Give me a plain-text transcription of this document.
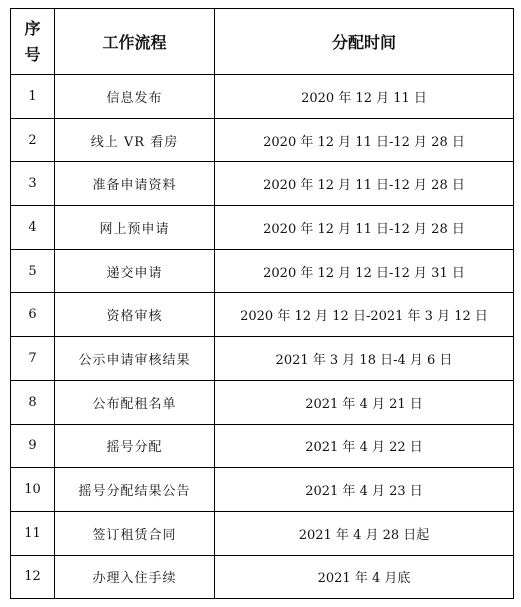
序
号	工作流程	分配时间
1	信息发布	2020 年 12 月 11 日
2	线上 VR 看房	2020 年 12 月 11 日-12 月 28 日
3	准备申请资料	2020 年 12 月 11 日-12 月 28 日
4	网上预申请	2020 年 12 月 11 日-12 月 28 日
5	递交申请	2020 年 12 月 12 日-12 月 31 日
6	资格审核	2020 年 12 月 12 日-2021 年 3 月 12 日
7	公示申请审核结果	2021 年 3 月 18 日-4 月 6 日
8	公布配租名单	2021 年 4 月 21 日
9	摇号分配	2021 年 4 月 22 日
10	摇号分配结果公告	2021 年 4 月 23 日
11	签订租赁合同	2021 年 4 月 28 日起
12	办理入住手续	2021 年 4 月底
